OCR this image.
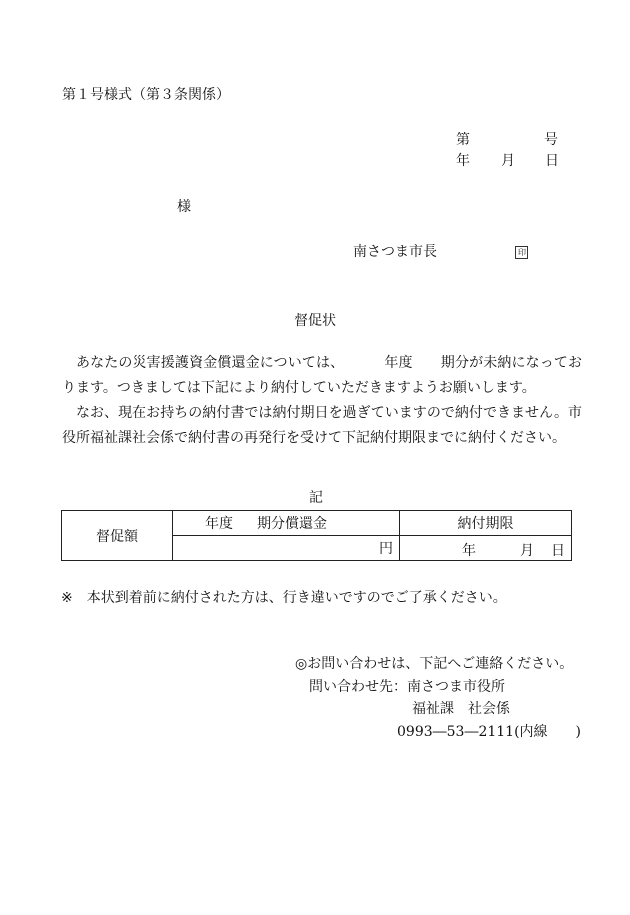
第１号様式（第３条関係）
第	号
年 月 日
様
南さつま市長	印
督促状
あなたの災害援護資金償還金については、	年度 期分が未納になっております。つきましては下記により納付していただきますようお願いします。
なお、現在お持ちの納付書では納付期日を過ぎていますので納付できません。市役所福祉課社会係で納付書の再発行を受けて下記納付期限までに納付ください。
記
督促額	年度 期分償還金	納付期限
	円	年 月 日
※ 本状到着前に納付された方は、行き違いですのでご了承ください。
◎お問い合わせは、下記へご連絡ください。
問い合わせ先：南さつま市役所
福祉課 社会係
0993―53―2111(内線　　)
